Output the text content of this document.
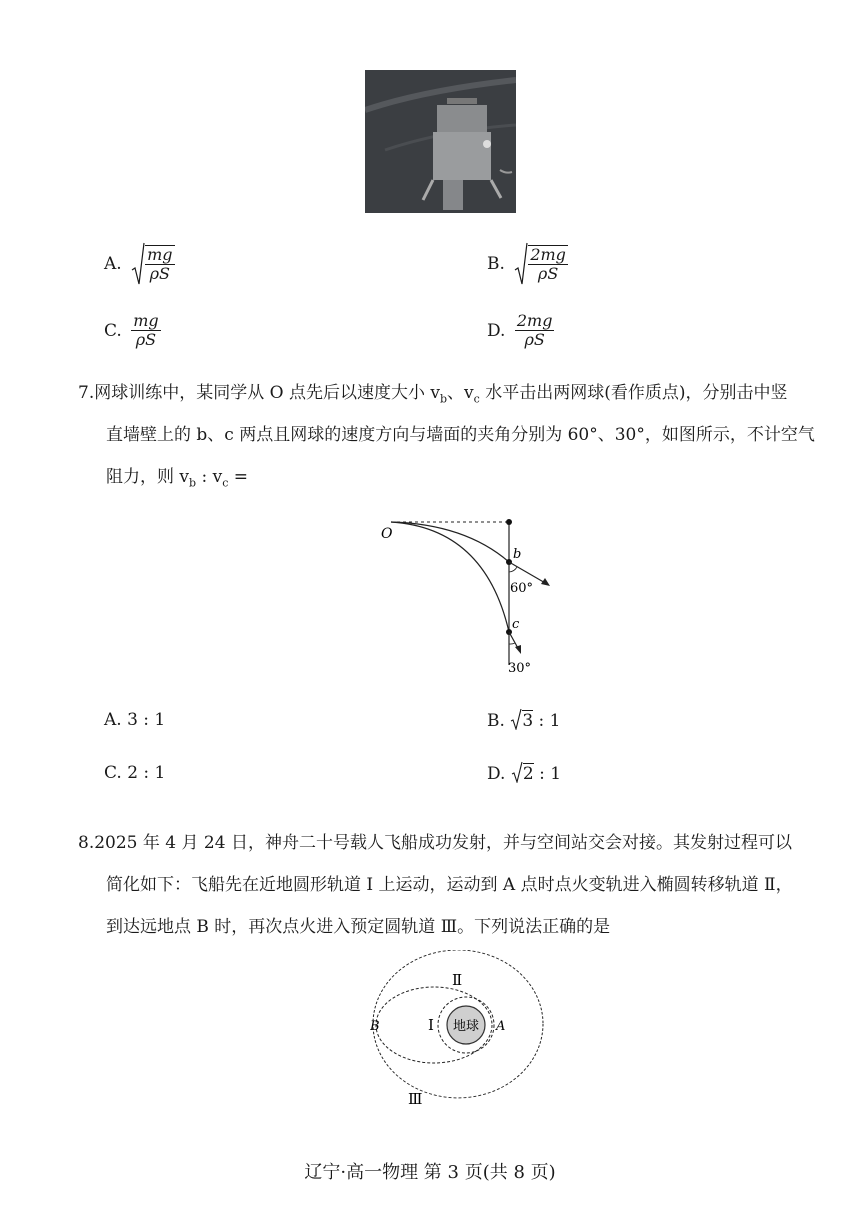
A. $\frac{mg}{\rho S}$	B. $\frac{2mg}{\rho S}$
C. $\frac{mg}{\rho S}$	D. $\frac{2mg}{\rho S}$
7.网球训练中，某同学从 O 点先后以速度大小 $v_b$、$v_c$ 水平击出两网球(看作质点)，分别击中竖
直墙壁上的 b、c 两点且网球的速度方向与墙面的夹角分别为 60°、30°，如图所示，不计空气
阻力，则 $v_b$ : $v_c$ =
O
b
c
60°
30°
A. 3 : 1	B. 3 : 1
C. 2 : 1	D. 2 : 1
8.2025 年 4 月 24 日，神舟二十号载人飞船成功发射，并与空间站交会对接。其发射过程可以
简化如下：飞船先在近地圆形轨道 Ⅰ 上运动，运动到 A 点时点火变轨进入椭圆转移轨道 Ⅱ，
到达远地点 B 时，再次点火进入预定圆轨道 Ⅲ。下列说法正确的是
地球 A
B	Ⅰ
Ⅱ
Ⅲ
辽宁·高一物理 第 3 页(共 8 页)
